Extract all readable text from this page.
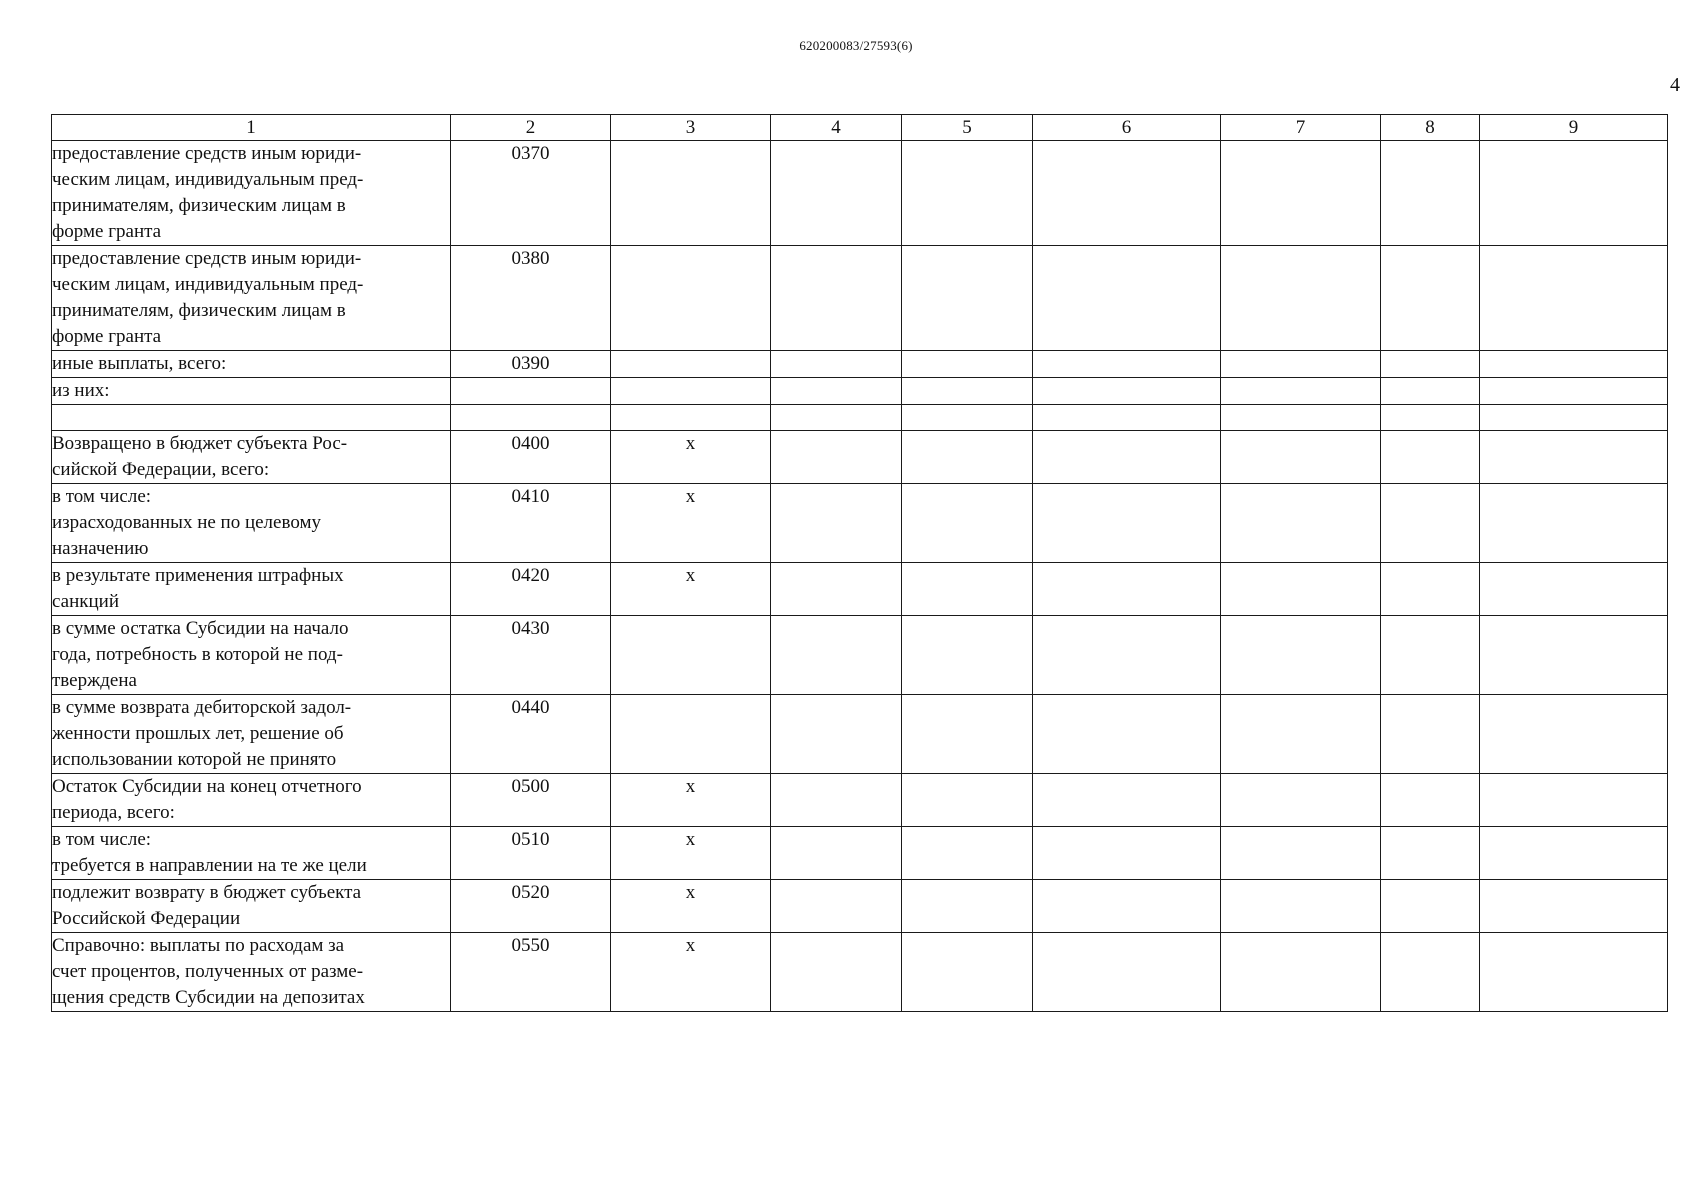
620200083/27593(6)
4
1	2	3	4	5	6	7	8	9

предоставление средств иным юриди-
ческим лицам, индивидуальным пред-
принимателям, физическим лицам в
форме гранта	0370							

предоставление средств иным юриди-
ческим лицам, индивидуальным пред-
принимателям, физическим лицам в
форме гранта	0380							

иные выплаты, всего:	0390							

из них:								

Возвращено в бюджет субъекта Рос-
сийской Федерации, всего:	0400	x						

в том числе:
израсходованных не по целевому
назначению	0410	x						

в результате применения штрафных
санкций	0420	x						

в сумме остатка Субсидии на начало
года, потребность в которой не под-
тверждена	0430							

в сумме возврата дебиторской задол-
женности прошлых лет, решение об
использовании которой не принято	0440							

Остаток Субсидии на конец отчетного
периода, всего:	0500	x						

в том числе:
требуется в направлении на те же цели	0510	x						

подлежит возврату в бюджет субъекта
Российской Федерации	0520	x						

Справочно: выплаты по расходам за
счет процентов, полученных от разме-
щения средств Субсидии на депозитах	0550	x						
